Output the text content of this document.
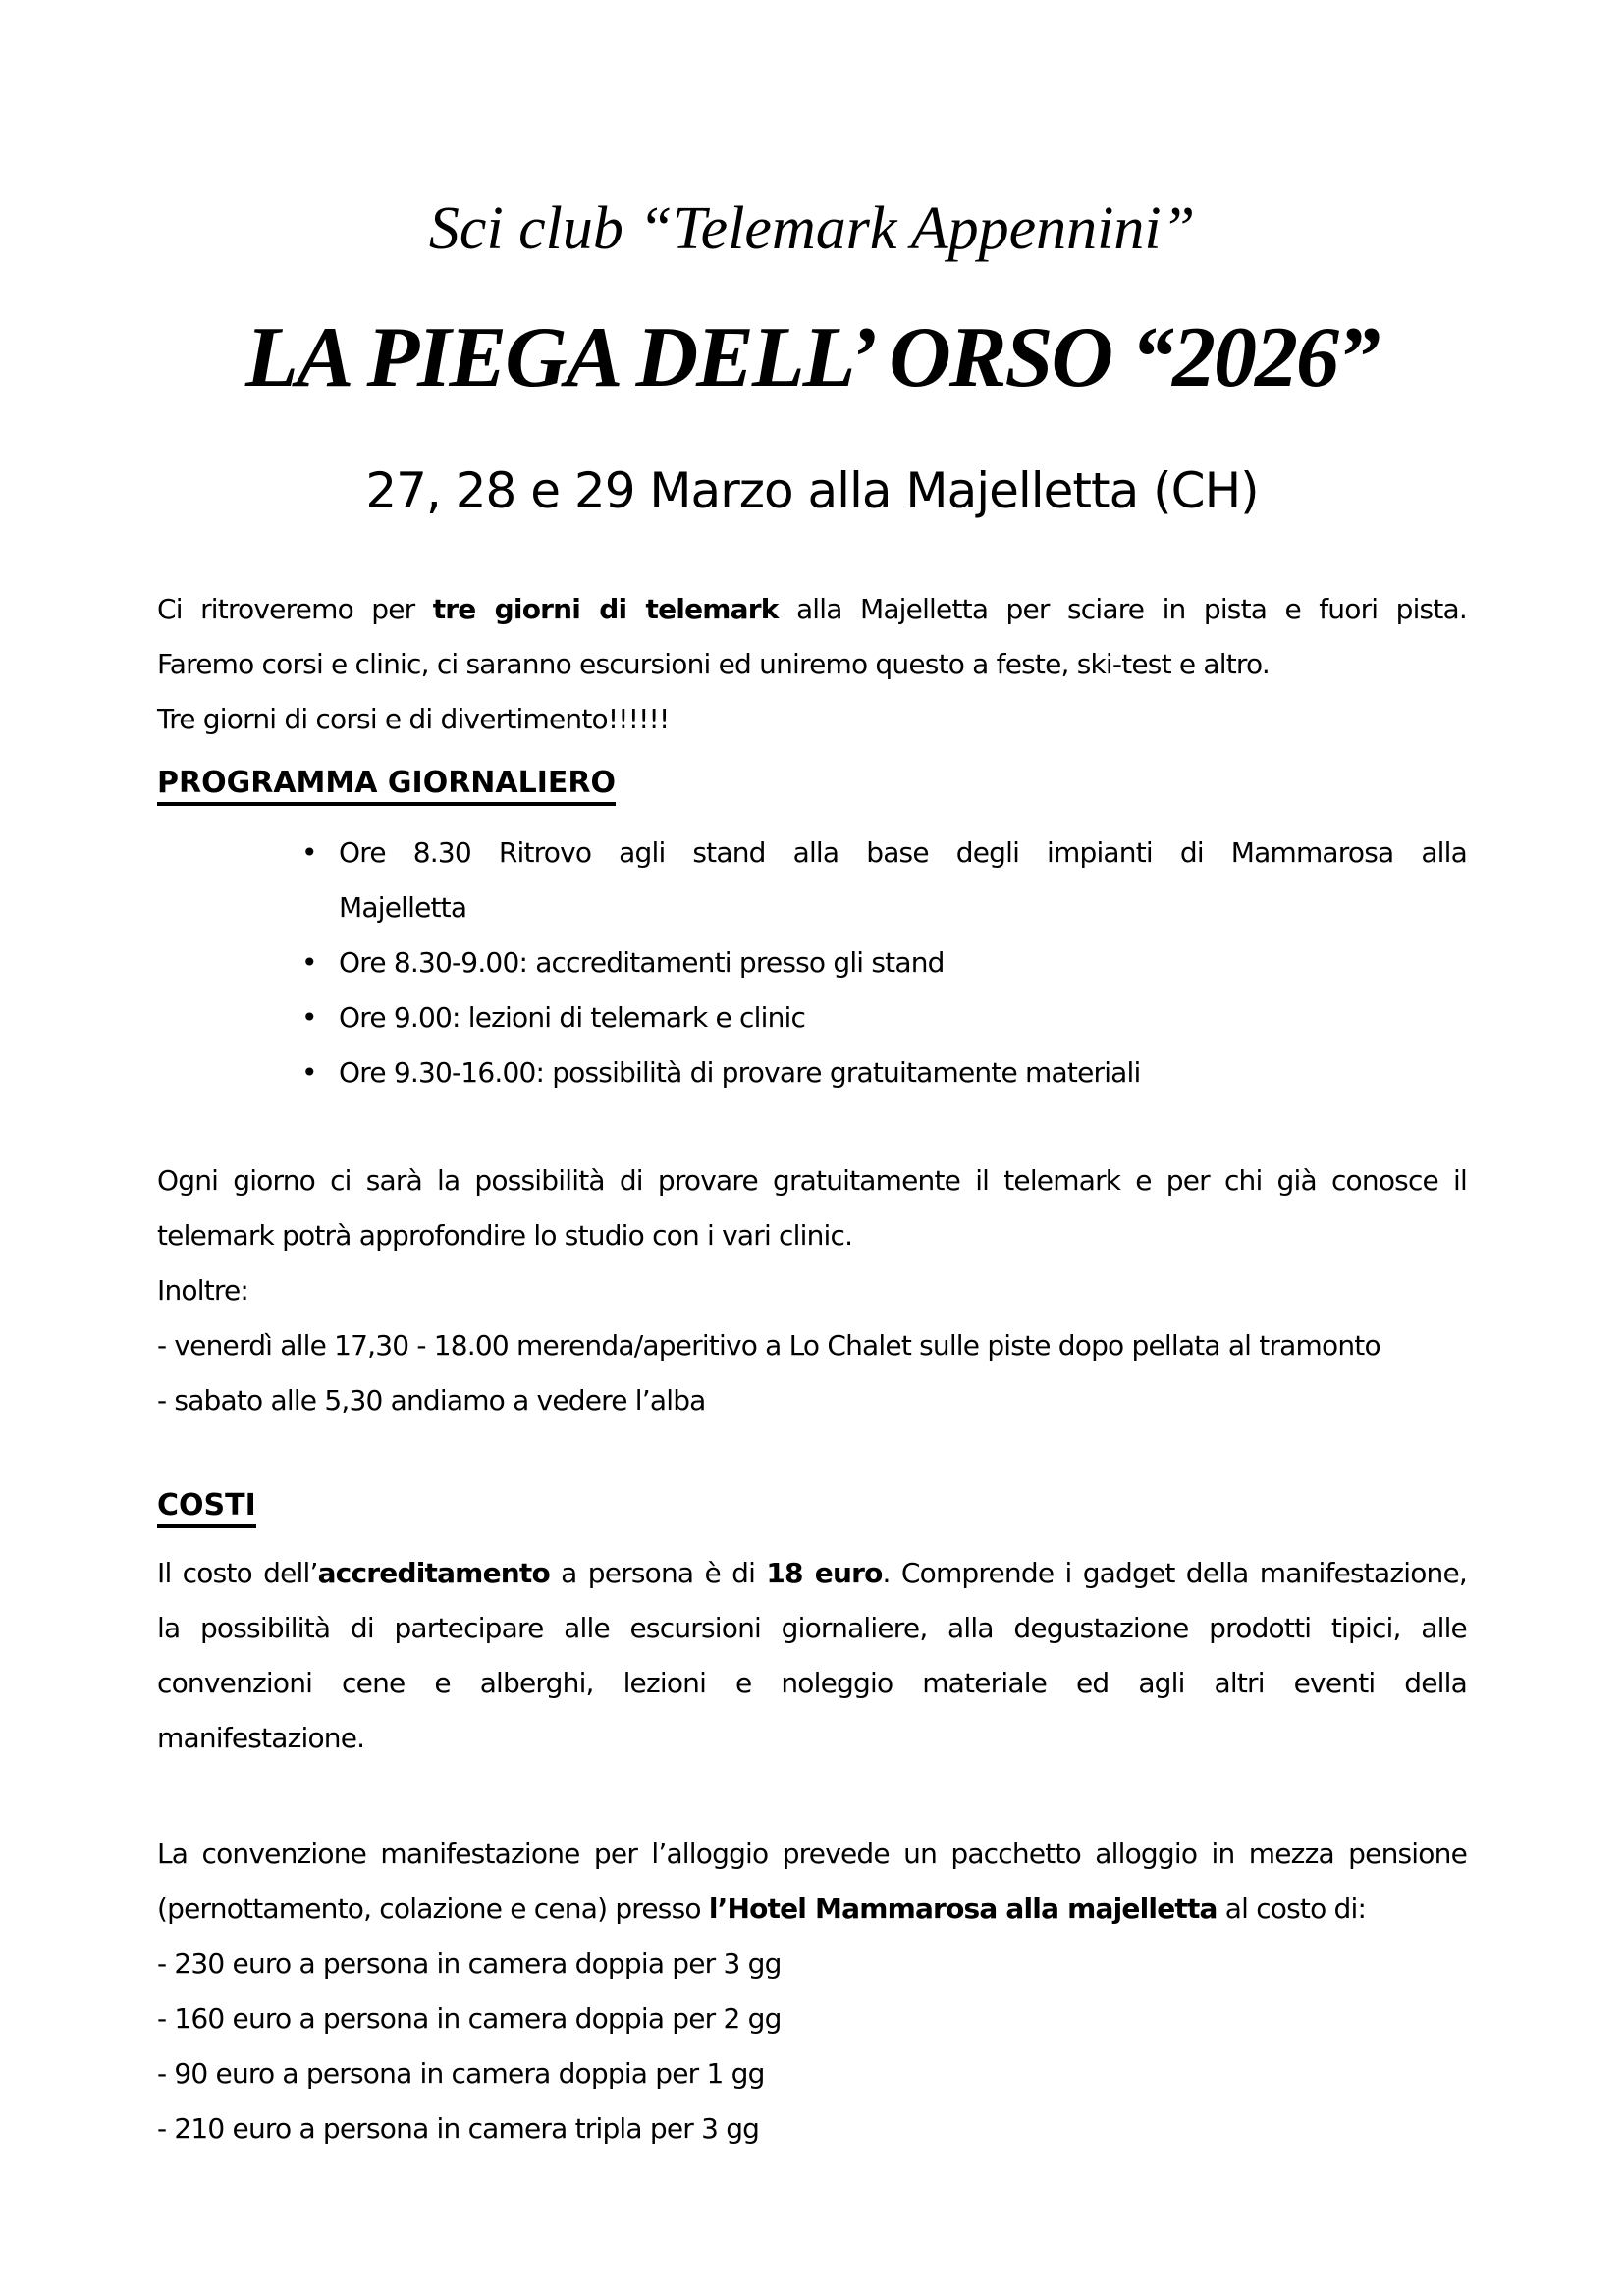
Sci club “Telemark Appennini”
LA PIEGA DELL’ ORSO “2026”
27, 28 e 29 Marzo alla Majelletta (CH)
Ci ritroveremo per tre giorni di telemark alla Majelletta per sciare in pista e fuori pista.
Faremo corsi e clinic, ci saranno escursioni ed uniremo questo a feste, ski-test e altro.
Tre giorni di corsi e di divertimento!!!!!!
PROGRAMMA GIORNALIERO
• Ore 8.30 Ritrovo agli stand alla base degli impianti di Mammarosa alla
Majelletta
• Ore 8.30-9.00: accreditamenti presso gli stand
• Ore 9.00: lezioni di telemark e clinic
• Ore 9.30-16.00: possibilità di provare gratuitamente materiali
Ogni giorno ci sarà la possibilità di provare gratuitamente il telemark e per chi già conosce il
telemark potrà approfondire lo studio con i vari clinic.
Inoltre:
- venerdì alle 17,30 - 18.00 merenda/aperitivo a Lo Chalet sulle piste dopo pellata al tramonto
- sabato alle 5,30 andiamo a vedere l’alba
COSTI
Il costo dell’accreditamento a persona è di 18 euro. Comprende i gadget della manifestazione,
la possibilità di partecipare alle escursioni giornaliere, alla degustazione prodotti tipici, alle
convenzioni cene e alberghi, lezioni e noleggio materiale ed agli altri eventi della
manifestazione.
La convenzione manifestazione per l’alloggio prevede un pacchetto alloggio in mezza pensione
(pernottamento, colazione e cena) presso l’Hotel Mammarosa alla majelletta al costo di:
- 230 euro a persona in camera doppia per 3 gg
- 160 euro a persona in camera doppia per 2 gg
- 90 euro a persona in camera doppia per 1 gg
- 210 euro a persona in camera tripla per 3 gg
